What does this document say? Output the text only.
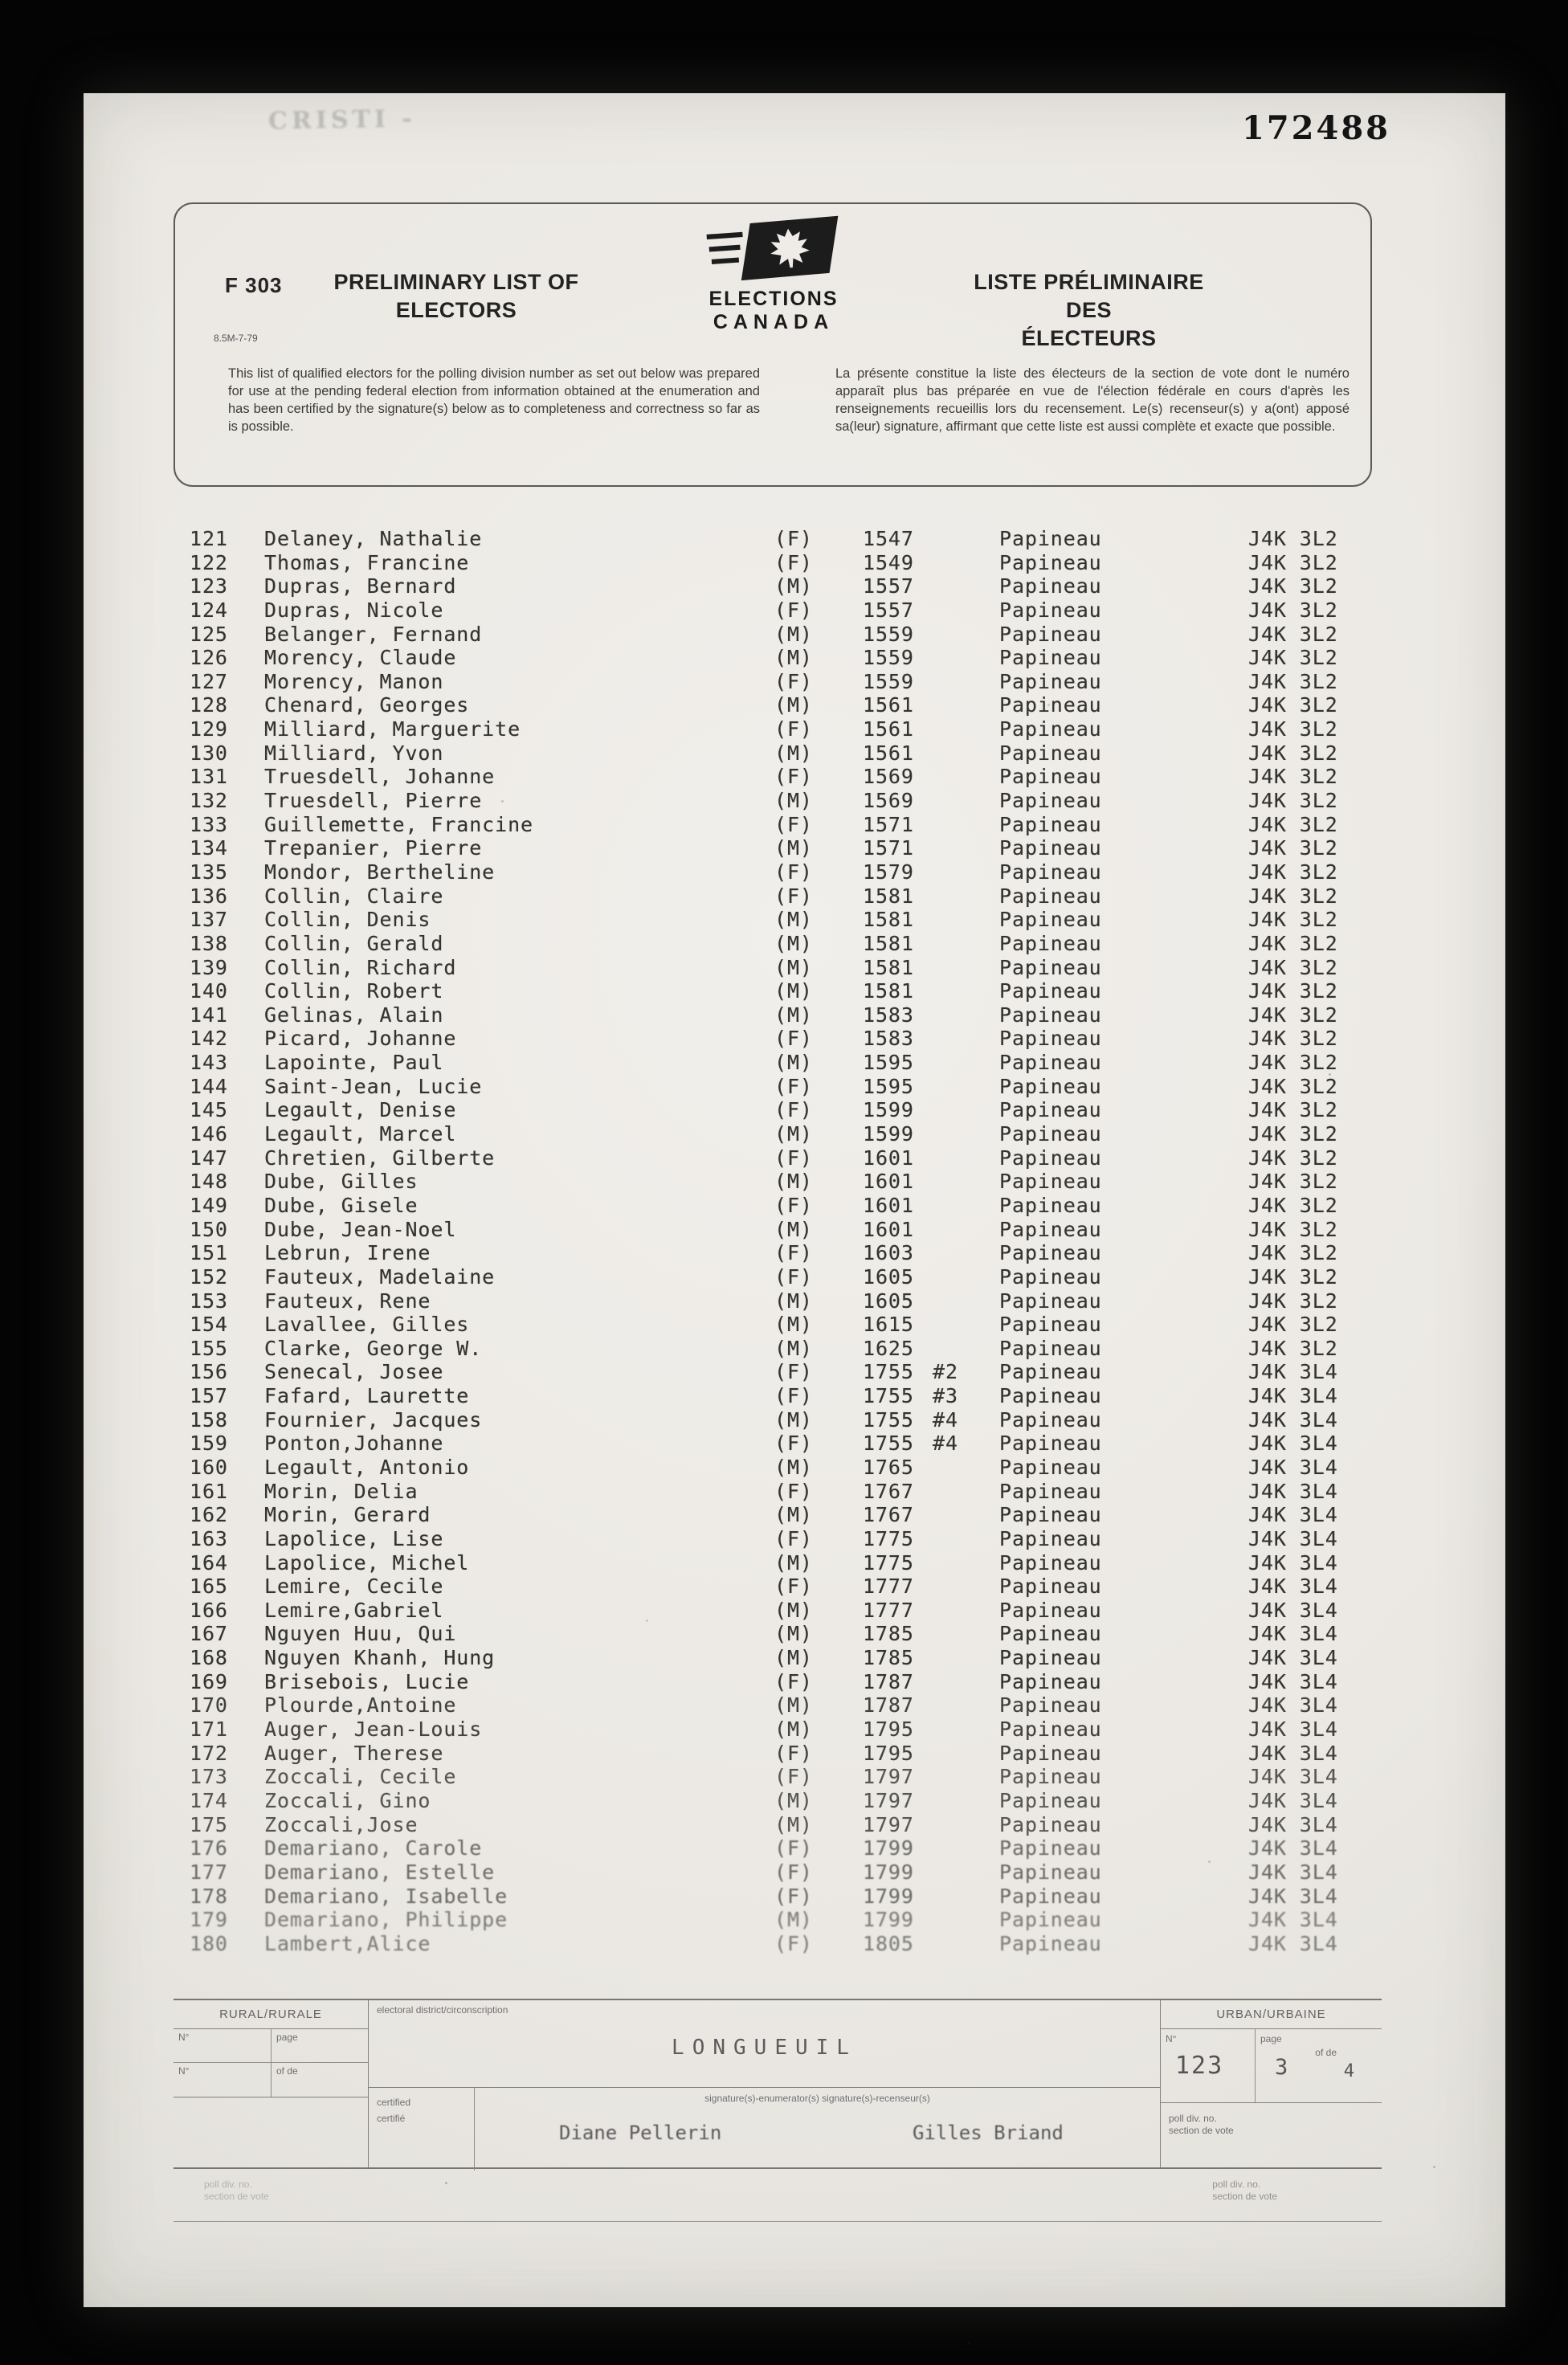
172488
CRISTI -
F 303
8.5M-7-79
PRELIMINARY LIST OF
ELECTORS	ELECTIONS
CANADA
LISTE PRÉLIMINAIRE DES
ÉLECTEURS
This list of qualified electors for the polling division number as set out below was prepared for use at the pending federal election from information obtained at the enumeration and has been certified by the signature(s) below as to completeness and correctness so far as is possible.
La présente constitue la liste des électeurs de la section de vote dont le numéro apparaît plus bas préparée en vue de l'élection fédérale en cours d'après les renseignements recueillis lors du recensement. Le(s) recenseur(s) y a(ont) apposé sa(leur) signature, affirmant que cette liste est aussi complète et exacte que possible.
121	Delaney, Nathalie	(F)	1547	Papineau	J4K 3L2
122	Thomas, Francine	(F)	1549	Papineau	J4K 3L2
123	Dupras, Bernard	(M)	1557	Papineau	J4K 3L2
124	Dupras, Nicole	(F)	1557	Papineau	J4K 3L2
125	Belanger, Fernand	(M)	1559	Papineau	J4K 3L2
126	Morency, Claude	(M)	1559	Papineau	J4K 3L2
127	Morency, Manon	(F)	1559	Papineau	J4K 3L2
128	Chenard, Georges	(M)	1561	Papineau	J4K 3L2
129	Milliard, Marguerite	(F)	1561	Papineau	J4K 3L2
130	Milliard, Yvon	(M)	1561	Papineau	J4K 3L2
131	Truesdell, Johanne	(F)	1569	Papineau	J4K 3L2
132	Truesdell, Pierre	(M)	1569	Papineau	J4K 3L2
133	Guillemette, Francine	(F)	1571	Papineau	J4K 3L2
134	Trepanier, Pierre	(M)	1571	Papineau	J4K 3L2
135	Mondor, Bertheline	(F)	1579	Papineau	J4K 3L2
136	Collin, Claire	(F)	1581	Papineau	J4K 3L2
137	Collin, Denis	(M)	1581	Papineau	J4K 3L2
138	Collin, Gerald	(M)	1581	Papineau	J4K 3L2
139	Collin, Richard	(M)	1581	Papineau	J4K 3L2
140	Collin, Robert	(M)	1581	Papineau	J4K 3L2
141	Gelinas, Alain	(M)	1583	Papineau	J4K 3L2
142	Picard, Johanne	(F)	1583	Papineau	J4K 3L2
143	Lapointe, Paul	(M)	1595	Papineau	J4K 3L2
144	Saint-Jean, Lucie	(F)	1595	Papineau	J4K 3L2
145	Legault, Denise	(F)	1599	Papineau	J4K 3L2
146	Legault, Marcel	(M)	1599	Papineau	J4K 3L2
147	Chretien, Gilberte	(F)	1601	Papineau	J4K 3L2
148	Dube, Gilles	(M)	1601	Papineau	J4K 3L2
149	Dube, Gisele	(F)	1601	Papineau	J4K 3L2
150	Dube, Jean-Noel	(M)	1601	Papineau	J4K 3L2
151	Lebrun, Irene	(F)	1603	Papineau	J4K 3L2
152	Fauteux, Madelaine	(F)	1605	Papineau	J4K 3L2
153	Fauteux, Rene	(M)	1605	Papineau	J4K 3L2
154	Lavallee, Gilles	(M)	1615	Papineau	J4K 3L2
155	Clarke, George W.	(M)	1625	Papineau	J4K 3L2
156	Senecal, Josee	(F)	1755 #2	Papineau	J4K 3L4
157	Fafard, Laurette	(F)	1755 #3	Papineau	J4K 3L4
158	Fournier, Jacques	(M)	1755 #4	Papineau	J4K 3L4
159	Ponton,Johanne	(F)	1755 #4	Papineau	J4K 3L4
160	Legault, Antonio	(M)	1765	Papineau	J4K 3L4
161	Morin, Delia	(F)	1767	Papineau	J4K 3L4
162	Morin, Gerard	(M)	1767	Papineau	J4K 3L4
163	Lapolice, Lise	(F)	1775	Papineau	J4K 3L4
164	Lapolice, Michel	(M)	1775	Papineau	J4K 3L4
165	Lemire, Cecile	(F)	1777	Papineau	J4K 3L4
166	Lemire,Gabriel	(M)	1777	Papineau	J4K 3L4
167	Nguyen Huu, Qui	(M)	1785	Papineau	J4K 3L4
168	Nguyen Khanh, Hung	(M)	1785	Papineau	J4K 3L4
169	Brisebois, Lucie	(F)	1787	Papineau	J4K 3L4
170	Plourde,Antoine	(M)	1787	Papineau	J4K 3L4
171	Auger, Jean-Louis	(M)	1795	Papineau	J4K 3L4
172	Auger, Therese	(F)	1795	Papineau	J4K 3L4
173	Zoccali, Cecile	(F)	1797	Papineau	J4K 3L4
174	Zoccali, Gino	(M)	1797	Papineau	J4K 3L4
175	Zoccali,Jose	(M)	1797	Papineau	J4K 3L4
176	Demariano, Carole	(F)	1799	Papineau	J4K 3L4
177	Demariano, Estelle	(F)	1799	Papineau	J4K 3L4
178	Demariano, Isabelle	(F)	1799	Papineau	J4K 3L4
179	Demariano, Philippe	(M)	1799	Papineau	J4K 3L4
180	Lambert,Alice	(F)	1805	Papineau	J4K 3L4
RURAL/RURALE
N°	page
N°	of de
electoral district/circonscription
LONGUEUIL
certified
certifié
signature(s)-enumerator(s) signature(s)-recenseur(s)
Diane Pellerin	Gilles Briand
URBAN/URBAINE
N°
123
page
3
of de
4
poll div. no.
section de vote
poll div. no.
section de vote
poll div. no.
section de vote
